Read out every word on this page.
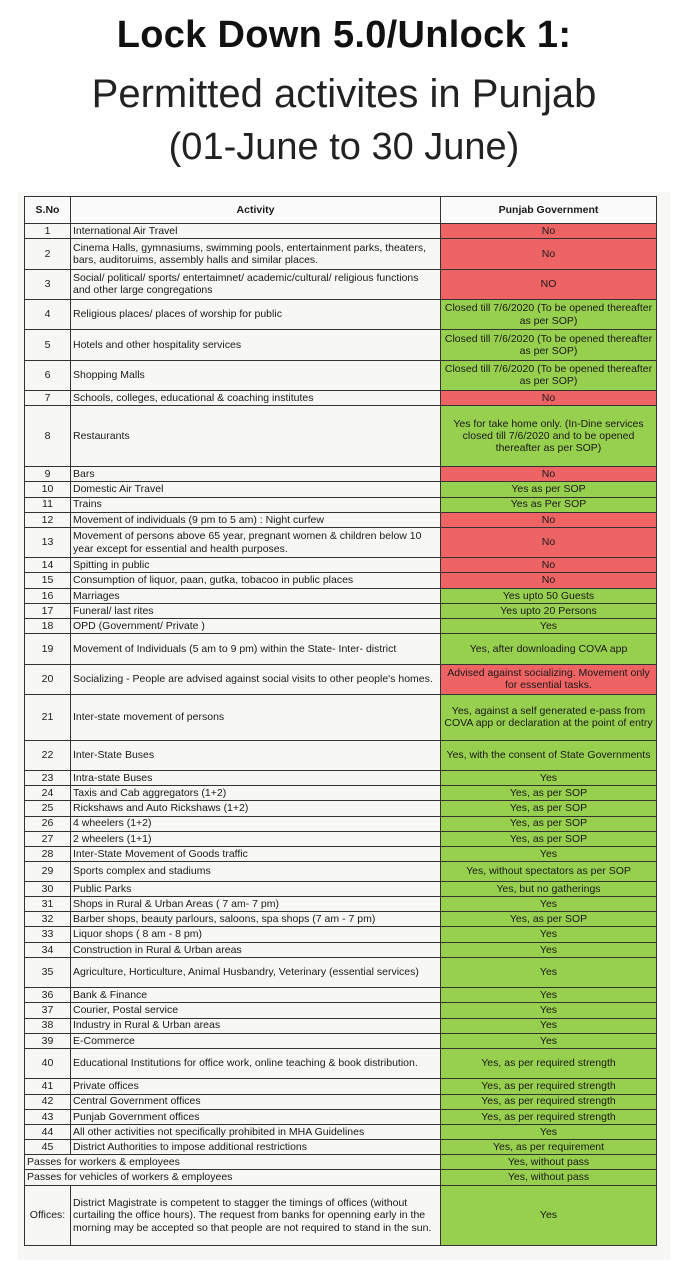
Lock Down 5.0/Unlock 1:
Permitted activites in Punjab
(01-June to 30 June)
S.No	Activity	Punjab Government
1	International Air Travel	No
2	Cinema Halls, gymnasiums, swimming pools, entertainment parks, theaters, bars, auditoruims, assembly halls and similar places.	No
3	Social/ political/ sports/ entertaimnet/ academic/cultural/ religious functions and other large congregations	NO
4	Religious places/ places of worship for public	Closed till 7/6/2020 (To be opened thereafter as per SOP)
5	Hotels and other hospitality services	Closed till 7/6/2020 (To be opened thereafter as per SOP)
6	Shopping Malls	Closed till 7/6/2020 (To be opened thereafter as per SOP)
7	Schools, colleges, educational & coaching institutes	No
8	Restaurants	Yes for take home only. (In-Dine services closed till 7/6/2020 and to be opened thereafter as per SOP)
9	Bars	No
10	Domestic Air Travel	Yes as per SOP
11	Trains	Yes as Per SOP
12	Movement of individuals (9 pm to 5 am) : Night curfew	No
13	Movement of persons above 65 year, pregnant women & children below 10 year except for essential and health purposes.	No
14	Spitting in public	No
15	Consumption of liquor, paan, gutka, tobacoo in public places	No
16	Marriages	Yes upto 50 Guests
17	Funeral/ last rites	Yes upto 20 Persons
18	OPD (Government/ Private )	Yes
19	Movement of Individuals (5 am to 9 pm) within the State- Inter- district	Yes, after downloading COVA app
20	Socializing - People are advised against social visits to other people's homes.	Advised against socializing. Movement only for essential tasks.
21	Inter-state movement of persons	Yes, against a self generated e-pass from COVA app or declaration at the point of entry
22	Inter-State Buses	Yes, with the consent of State Governments
23	Intra-state Buses	Yes
24	Taxis and Cab aggregators (1+2)	Yes, as per SOP
25	Rickshaws and Auto Rickshaws (1+2)	Yes, as per SOP
26	4 wheelers (1+2)	Yes, as per SOP
27	2 wheelers (1+1)	Yes, as per SOP
28	Inter-State Movement of Goods traffic	Yes
29	Sports complex and stadiums	Yes, without spectators as per SOP
30	Public Parks	Yes, but no gatherings
31	Shops in Rural & Urban Areas ( 7 am- 7 pm)	Yes
32	Barber shops, beauty parlours, saloons, spa shops (7 am - 7 pm)	Yes, as per SOP
33	Liquor shops ( 8 am - 8 pm)	Yes
34	Construction in Rural & Urban areas	Yes
35	Agriculture, Horticulture, Animal Husbandry, Veterinary (essential services)	Yes
36	Bank & Finance	Yes
37	Courier, Postal service	Yes
38	Industry in Rural & Urban areas	Yes
39	E-Commerce	Yes
40	Educational Institutions for office work, online teaching & book distribution.	Yes, as per required strength
41	Private offices	Yes, as per required strength
42	Central Government offices	Yes, as per required strength
43	Punjab Government offices	Yes, as per required strength
44	All other activities not specifically prohibited in MHA Guidelines	Yes
45	District Authorities to impose additional restrictions	Yes, as per requirement
Passes for workers & employees		Yes, without pass
Passes for vehicles of workers & employees		Yes, without pass
Offices:	District Magistrate is competent to stagger the timings of offices (without curtailing the office hours). The request from banks for openning early in the morning may be accepted so that people are not required to stand in the sun.	Yes
